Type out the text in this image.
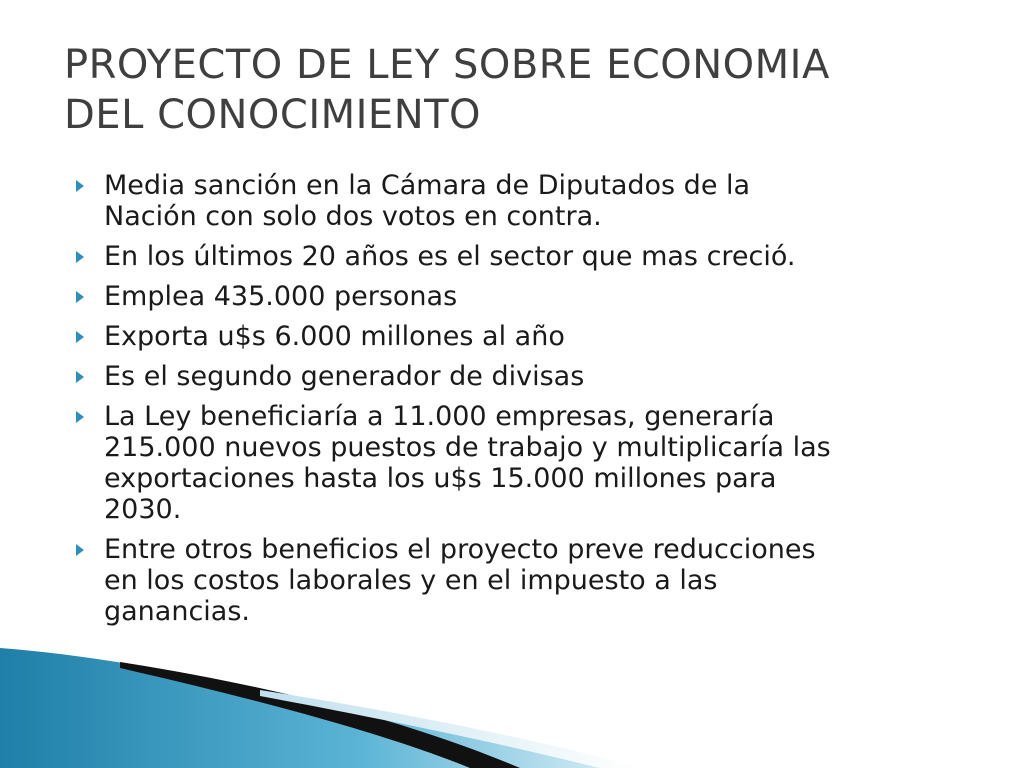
PROYECTO DE LEY SOBRE ECONOMIA
DEL CONOCIMIENTO
Media sanción en la Cámara de Diputados de la
Nación con solo dos votos en contra.
En los últimos 20 años es el sector que mas creció.
Emplea 435.000 personas
Exporta u$s 6.000 millones al año
Es el segundo generador de divisas
La Ley beneficiaría a 11.000 empresas, generaría
215.000 nuevos puestos de trabajo y multiplicaría las
exportaciones hasta los u$s 15.000 millones para
2030.
Entre otros beneficios el proyecto preve reducciones
en los costos laborales y en el impuesto a las
ganancias.
